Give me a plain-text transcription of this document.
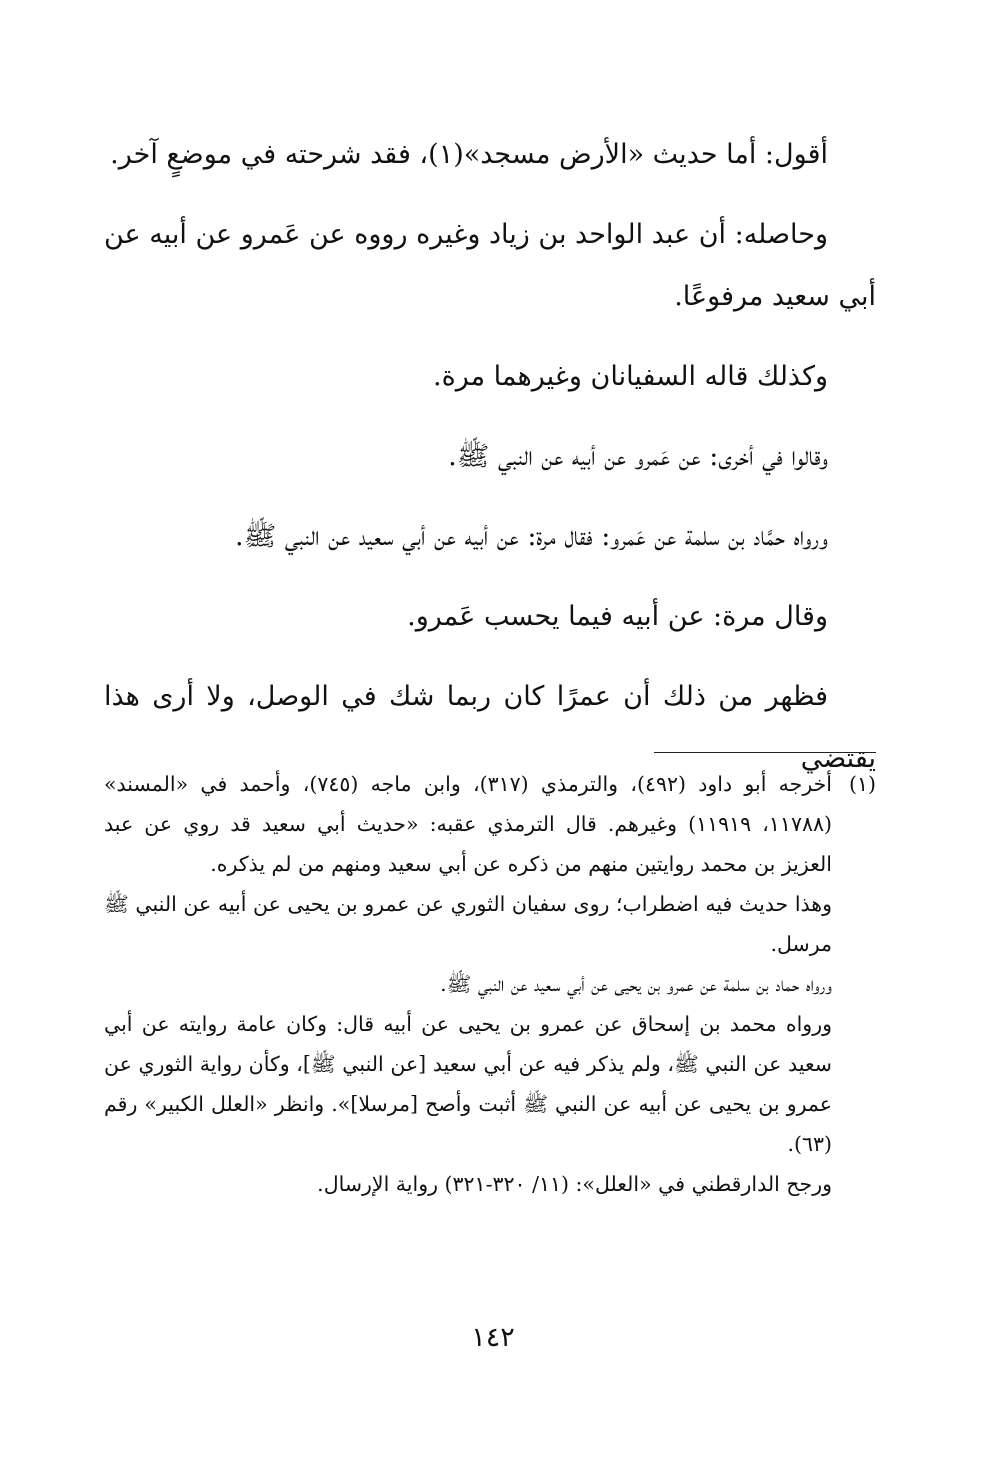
أقول: أما حديث «الأرض مسجد»(١)، فقد شرحته في موضعٍ آخر.

وحاصله: أن عبد الواحد بن زياد وغيره رووه عن عَمرو عن أبيه عن أبي سعيد مرفوعًا.

وكذلك قاله السفيانان وغيرهما مرة.

وقالوا في أخرى: عن عَمرو عن أبيه عن النبي ﷺ.

ورواه حمَّاد بن سلمة عن عَمرو: فقال مرة: عن أبيه عن أبي سعيد عن النبي ﷺ.

وقال مرة: عن أبيه فيما يحسب عَمرو.

فظهر من ذلك أن عمرًا كان ربما شك في الوصل، ولا أرى هذا يقتضي

(١)

أخرجه أبو داود (٤٩٢)، والترمذي (٣١٧)، وابن ماجه (٧٤٥)، وأحمد في «المسند» (١١٧٨٨، ١١٩١٩) وغيرهم. قال الترمذي عقبه: «حديث أبي سعيد قد روي عن عبد العزيز بن محمد روايتين منهم من ذكره عن أبي سعيد ومنهم من لم يذكره.

وهذا حديث فيه اضطراب؛ روى سفيان الثوري عن عمرو بن يحيى عن أبيه عن النبي ﷺ مرسل.

ورواه حماد بن سلمة عن عمرو بن يحيى عن أبي سعيد عن النبي ﷺ.

ورواه محمد بن إسحاق عن عمرو بن يحيى عن أبيه قال: وكان عامة روايته عن أبي سعيد عن النبي ﷺ، ولم يذكر فيه عن أبي سعيد [عن النبي ﷺ]، وكأن رواية الثوري عن عمرو بن يحيى عن أبيه عن النبي ﷺ أثبت وأصح [مرسلا]». وانظر «العلل الكبير» رقم (٦٣).

ورجح الدارقطني في «العلل»: (١١/ ٣٢٠-٣٢١) رواية الإرسال.

١٤٢
